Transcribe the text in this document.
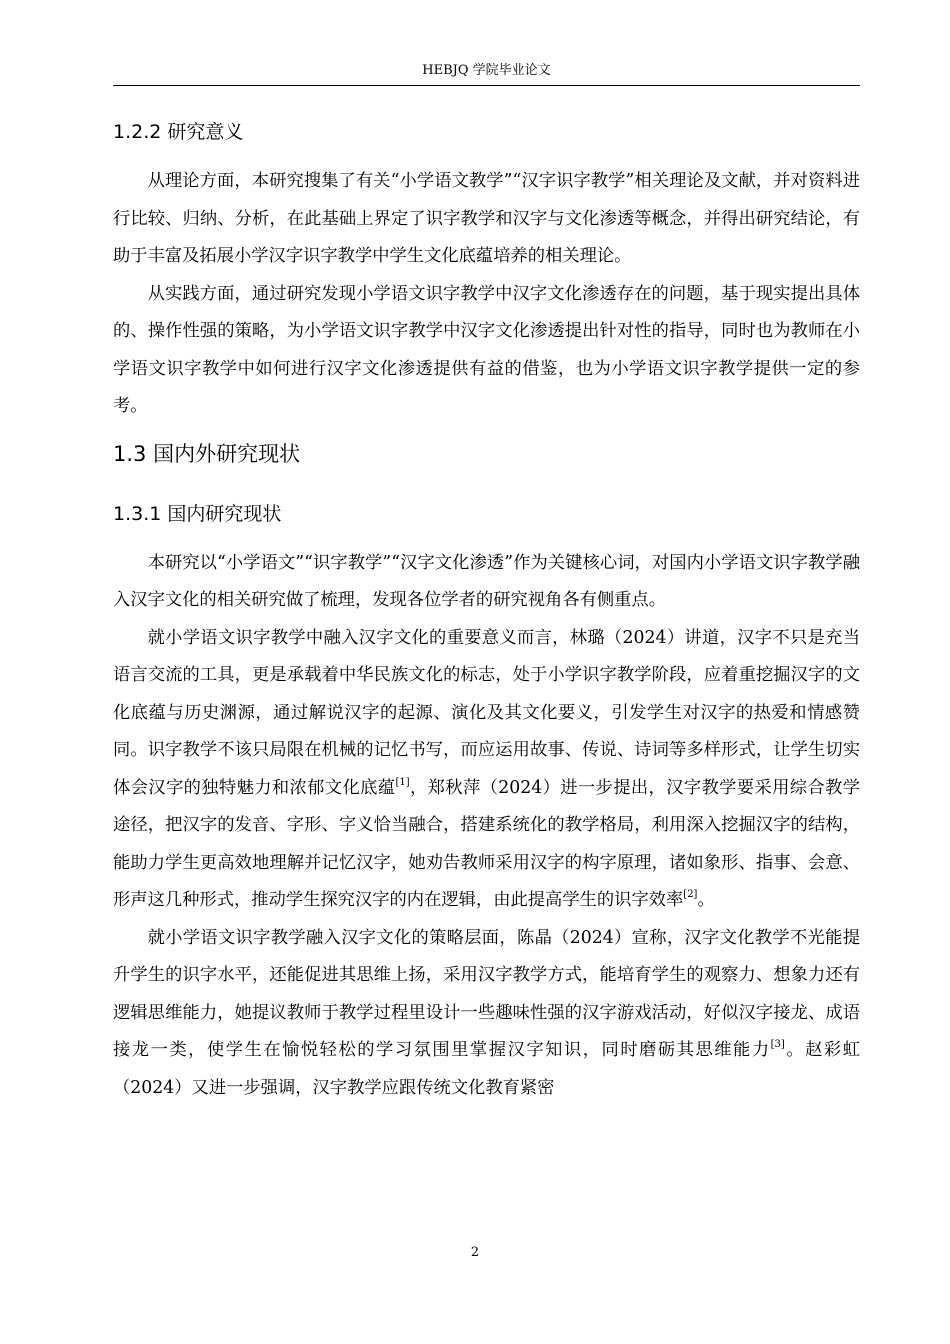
HEBJQ 学院毕业论文
1.2.2 研究意义

从理论方面，本研究搜集了有关“小学语文教学”“汉字识字教学”相关理论及文献，并对资料进行比较、归纳、分析，在此基础上界定了识字教学和汉字与文化渗透等概念，并得出研究结论，有助于丰富及拓展小学汉字识字教学中学生文化底蕴培养的相关理论。

从实践方面，通过研究发现小学语文识字教学中汉字文化渗透存在的问题，基于现实提出具体的、操作性强的策略，为小学语文识字教学中汉字文化渗透提出针对性的指导，同时也为教师在小学语文识字教学中如何进行汉字文化渗透提供有益的借鉴，也为小学语文识字教学提供一定的参考。

1.3 国内外研究现状
1.3.1 国内研究现状

本研究以“小学语文”“识字教学”“汉字文化渗透”作为关键核心词，对国内小学语文识字教学融入汉字文化的相关研究做了梳理，发现各位学者的研究视角各有侧重点。

就小学语文识字教学中融入汉字文化的重要意义而言，林璐（2024）讲道，汉字不只是充当语言交流的工具，更是承载着中华民族文化的标志，处于小学识字教学阶段，应着重挖掘汉字的文化底蕴与历史渊源，通过解说汉字的起源、演化及其文化要义，引发学生对汉字的热爱和情感赞同。识字教学不该只局限在机械的记忆书写，而应运用故事、传说、诗词等多样形式，让学生切实体会汉字的独特魅力和浓郁文化底蕴[1]，郑秋萍（2024）进一步提出，汉字教学要采用综合教学途径，把汉字的发音、字形、字义恰当融合，搭建系统化的教学格局，利用深入挖掘汉字的结构，能助力学生更高效地理解并记忆汉字，她劝告教师采用汉字的构字原理，诸如象形、指事、会意、形声这几种形式，推动学生探究汉字的内在逻辑，由此提高学生的识字效率[2]。

就小学语文识字教学融入汉字文化的策略层面，陈晶（2024）宣称，汉字文化教学不光能提升学生的识字水平，还能促进其思维上扬，采用汉字教学方式，能培育学生的观察力、想象力还有逻辑思维能力，她提议教师于教学过程里设计一些趣味性强的汉字游戏活动，好似汉字接龙、成语接龙一类，使学生在愉悦轻松的学习氛围里掌握汉字知识，同时磨砺其思维能力[3]。赵彩虹（2024）又进一步强调，汉字教学应跟传统文化教育紧密

2
